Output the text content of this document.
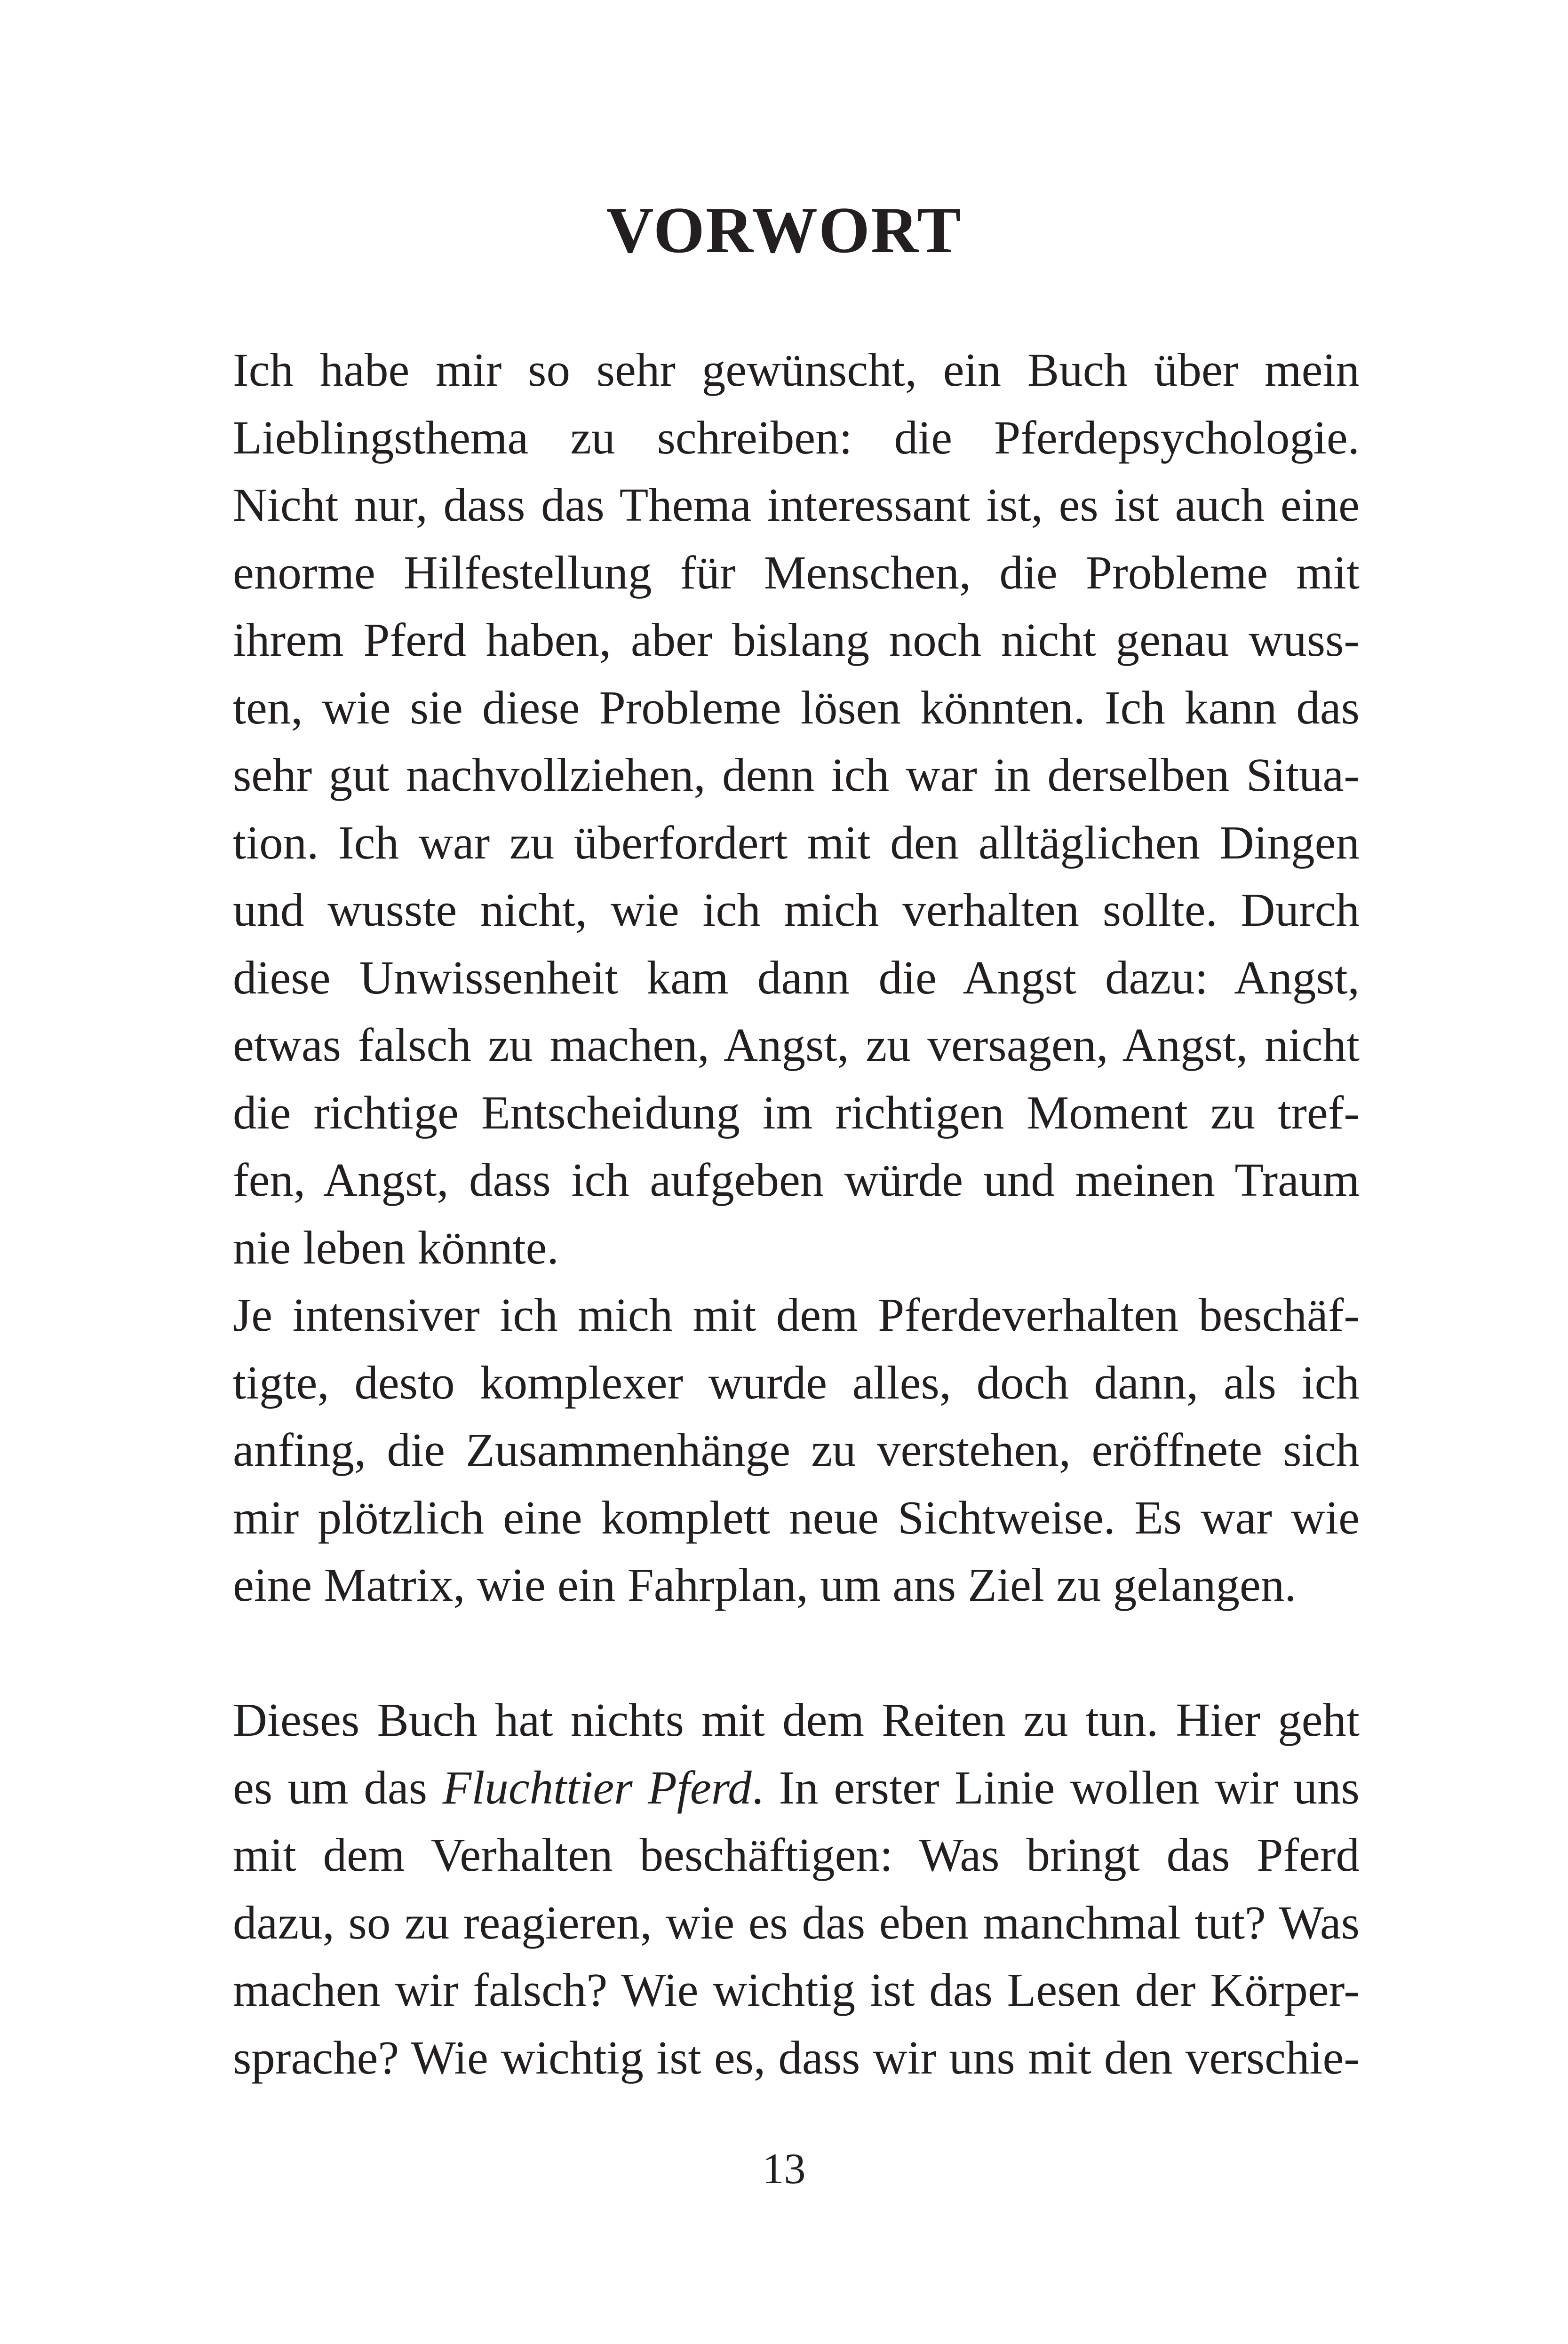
VORWORT
Ich habe mir so sehr gewünscht, ein Buch über mein
Lieblingsthema zu schreiben: die Pferdepsychologie.
Nicht nur, dass das Thema interessant ist, es ist auch eine
enorme Hilfestellung für Menschen, die Probleme mit
ihrem Pferd haben, aber bislang noch nicht genau wuss-
ten, wie sie diese Probleme lösen könnten. Ich kann das
sehr gut nachvollziehen, denn ich war in derselben Situa-
tion. Ich war zu überfordert mit den alltäglichen Dingen
und wusste nicht, wie ich mich verhalten sollte. Durch
diese Unwissenheit kam dann die Angst dazu: Angst,
etwas falsch zu machen, Angst, zu versagen, Angst, nicht
die richtige Entscheidung im richtigen Moment zu tref-
fen, Angst, dass ich aufgeben würde und meinen Traum
nie leben könnte.
Je intensiver ich mich mit dem Pferdeverhalten beschäf-
tigte, desto komplexer wurde alles, doch dann, als ich
anfing, die Zusammenhänge zu verstehen, eröffnete sich
mir plötzlich eine komplett neue Sichtweise. Es war wie
eine Matrix, wie ein Fahrplan, um ans Ziel zu gelangen.
Dieses Buch hat nichts mit dem Reiten zu tun. Hier geht
es um das Fluchttier Pferd. In erster Linie wollen wir uns
mit dem Verhalten beschäftigen: Was bringt das Pferd
dazu, so zu reagieren, wie es das eben manchmal tut? Was
machen wir falsch? Wie wichtig ist das Lesen der Körper-
sprache? Wie wichtig ist es, dass wir uns mit den verschie-
13
